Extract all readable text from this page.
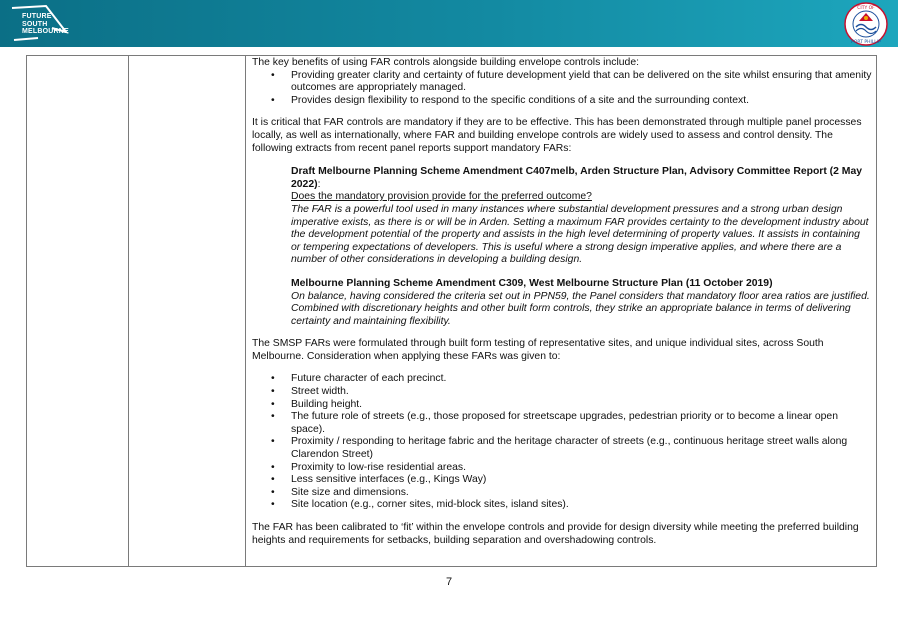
FUTURE
SOUTH
MELBOURNE
CITY OF
PORT PHILLIP

The key benefits of using FAR controls alongside building envelope controls include:

• Providing greater clarity and certainty of future development yield that can be delivered on the site whilst ensuring that amenity outcomes are appropriately managed.
• Provides design flexibility to respond to the specific conditions of a site and the surrounding context.

It is critical that FAR controls are mandatory if they are to be effective. This has been demonstrated through multiple panel processes locally, as well as internationally, where FAR and building envelope controls are widely used to assess and control density. The following extracts from recent panel reports support mandatory FARs:

Draft Melbourne Planning Scheme Amendment C407melb, Arden Structure Plan, Advisory Committee Report (2 May 2022):

Does the mandatory provision provide for the preferred outcome?

The FAR is a powerful tool used in many instances where substantial development pressures and a strong urban design imperative exists, as there is or will be in Arden. Setting a maximum FAR provides certainty to the development industry about the development potential of the property and assists in the high level determining of property values. It assists in containing or tempering expectations of developers. This is useful where a strong design imperative applies, and where there are a number of other considerations in developing a building design.

Melbourne Planning Scheme Amendment C309, West Melbourne Structure Plan (11 October 2019)

On balance, having considered the criteria set out in PPN59, the Panel considers that mandatory floor area ratios are justified. Combined with discretionary heights and other built form controls, they strike an appropriate balance in terms of delivering certainty and maintaining flexibility.

The SMSP FARs were formulated through built form testing of representative sites, and unique individual sites, across South Melbourne. Consideration when applying these FARs was given to:

• Future character of each precinct.
• Street width.
• Building height.
• The future role of streets (e.g., those proposed for streetscape upgrades, pedestrian priority or to become a linear open space).
• Proximity / responding to heritage fabric and the heritage character of streets (e.g., continuous heritage street walls along Clarendon Street)
• Proximity to low-rise residential areas.
• Less sensitive interfaces (e.g., Kings Way)
• Site size and dimensions.
• Site location (e.g., corner sites, mid-block sites, island sites).

The FAR has been calibrated to ‘fit’ within the envelope controls and provide for design diversity while meeting the preferred building heights and requirements for setbacks, building separation and overshadowing controls.

7
